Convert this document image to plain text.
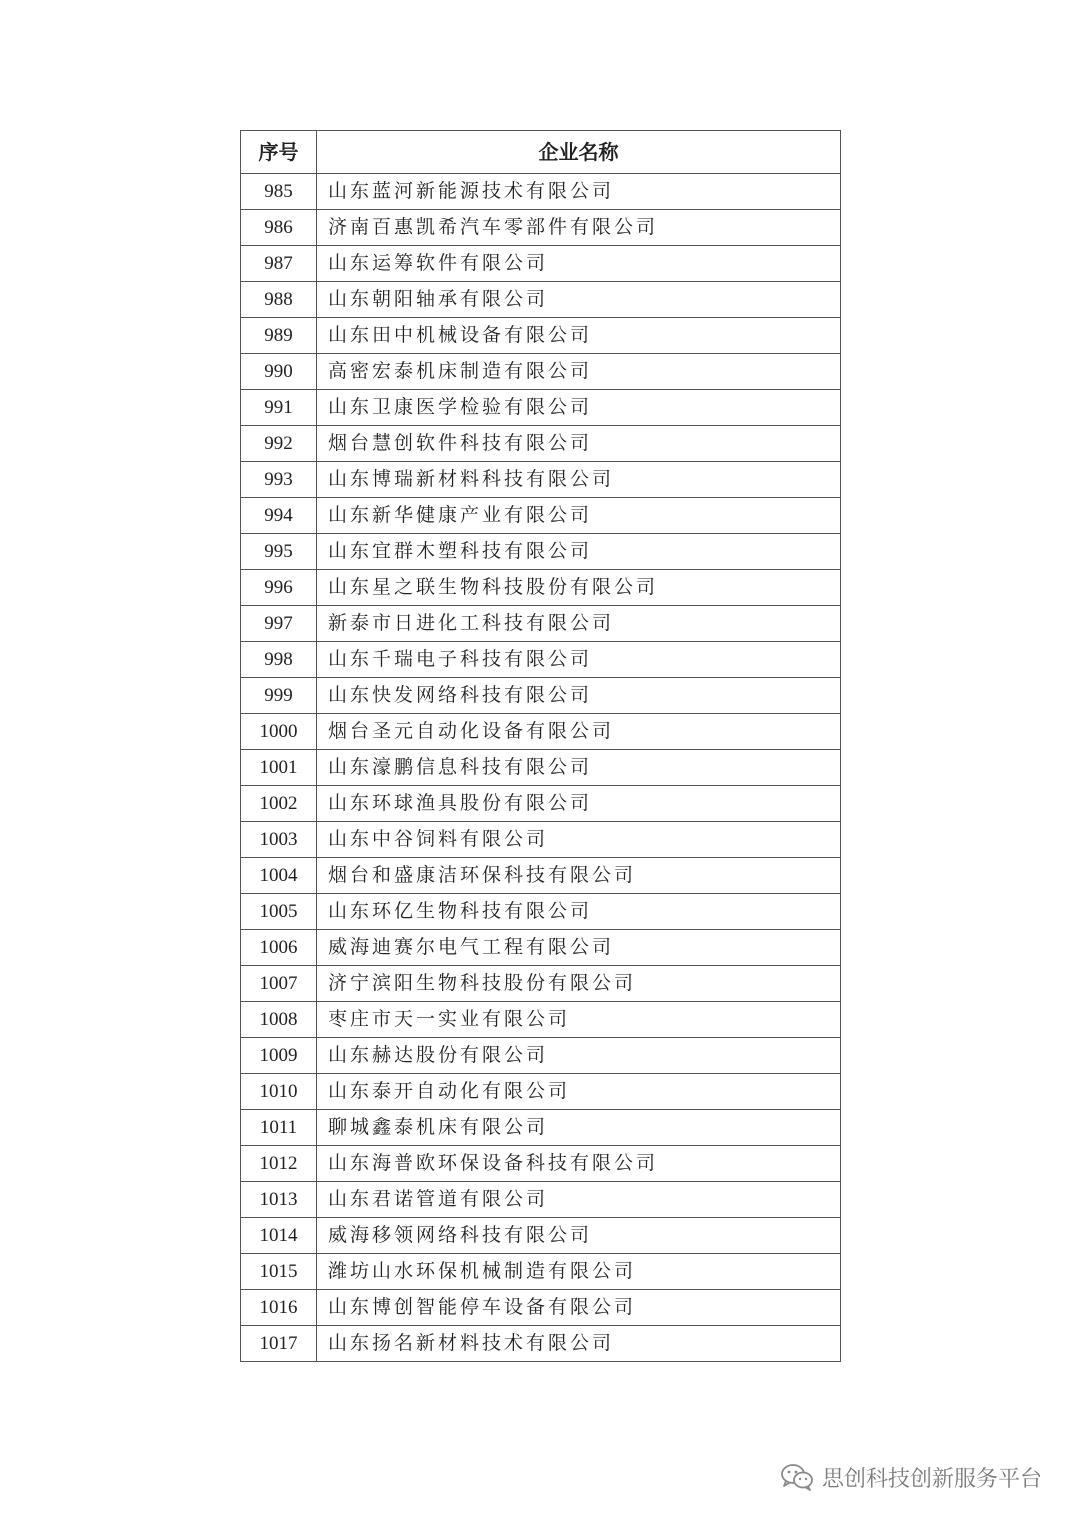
序号	企业名称
985	山东蓝河新能源技术有限公司
986	济南百惠凯希汽车零部件有限公司
987	山东运筹软件有限公司
988	山东朝阳轴承有限公司
989	山东田中机械设备有限公司
990	高密宏泰机床制造有限公司
991	山东卫康医学检验有限公司
992	烟台慧创软件科技有限公司
993	山东博瑞新材料科技有限公司
994	山东新华健康产业有限公司
995	山东宜群木塑科技有限公司
996	山东星之联生物科技股份有限公司
997	新泰市日进化工科技有限公司
998	山东千瑞电子科技有限公司
999	山东快发网络科技有限公司
1000	烟台圣元自动化设备有限公司
1001	山东濠鹏信息科技有限公司
1002	山东环球渔具股份有限公司
1003	山东中谷饲料有限公司
1004	烟台和盛康洁环保科技有限公司
1005	山东环亿生物科技有限公司
1006	威海迪赛尔电气工程有限公司
1007	济宁滨阳生物科技股份有限公司
1008	枣庄市天一实业有限公司
1009	山东赫达股份有限公司
1010	山东泰开自动化有限公司
1011	聊城鑫泰机床有限公司
1012	山东海普欧环保设备科技有限公司
1013	山东君诺管道有限公司
1014	威海移领网络科技有限公司
1015	潍坊山水环保机械制造有限公司
1016	山东博创智能停车设备有限公司
1017	山东扬名新材料技术有限公司
思创科技创新服务平台
